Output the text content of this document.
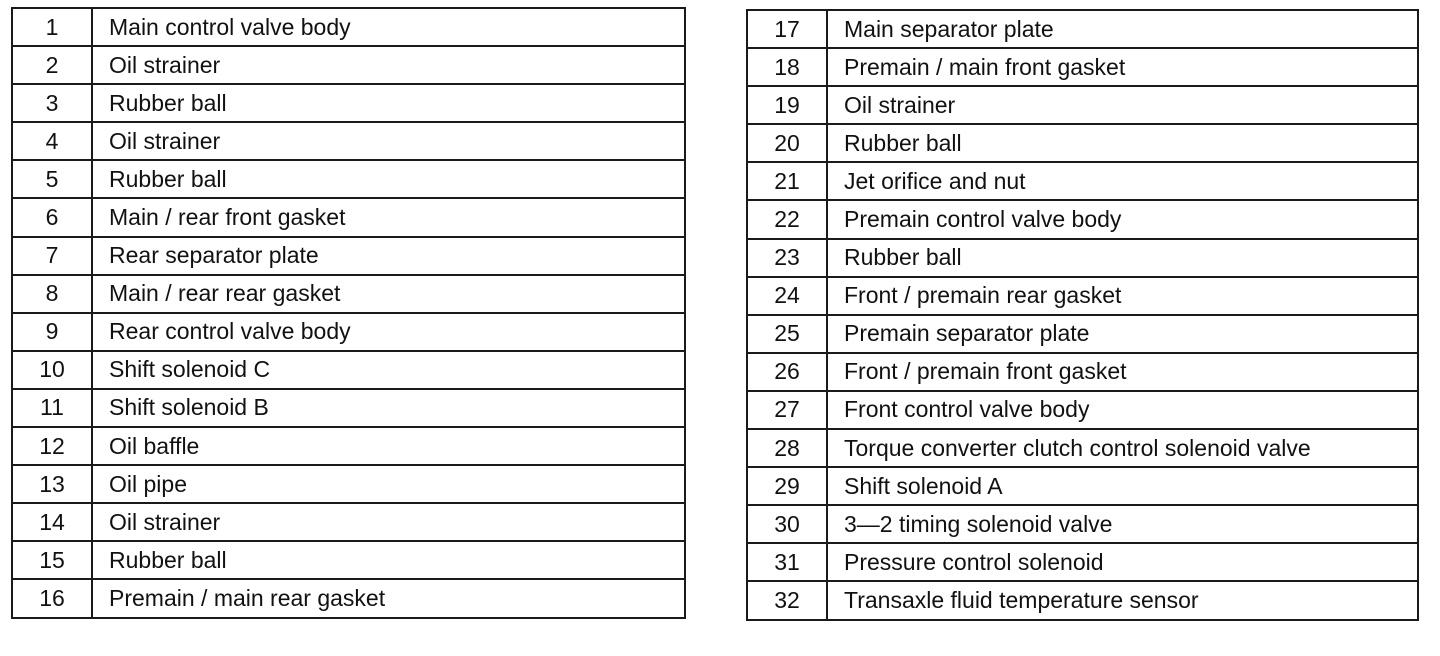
1	Main control valve body
2	Oil strainer
3	Rubber ball
4	Oil strainer
5	Rubber ball
6	Main / rear front gasket
7	Rear separator plate
8	Main / rear rear gasket
9	Rear control valve body
10	Shift solenoid C
11	Shift solenoid B
12	Oil baffle
13	Oil pipe
14	Oil strainer
15	Rubber ball
16	Premain / main rear gasket
17	Main separator plate
18	Premain / main front gasket
19	Oil strainer
20	Rubber ball
21	Jet orifice and nut
22	Premain control valve body
23	Rubber ball
24	Front / premain rear gasket
25	Premain separator plate
26	Front / premain front gasket
27	Front control valve body
28	Torque converter clutch control solenoid valve
29	Shift solenoid A
30	3—2 timing solenoid valve
31	Pressure control solenoid
32	Transaxle fluid temperature sensor
